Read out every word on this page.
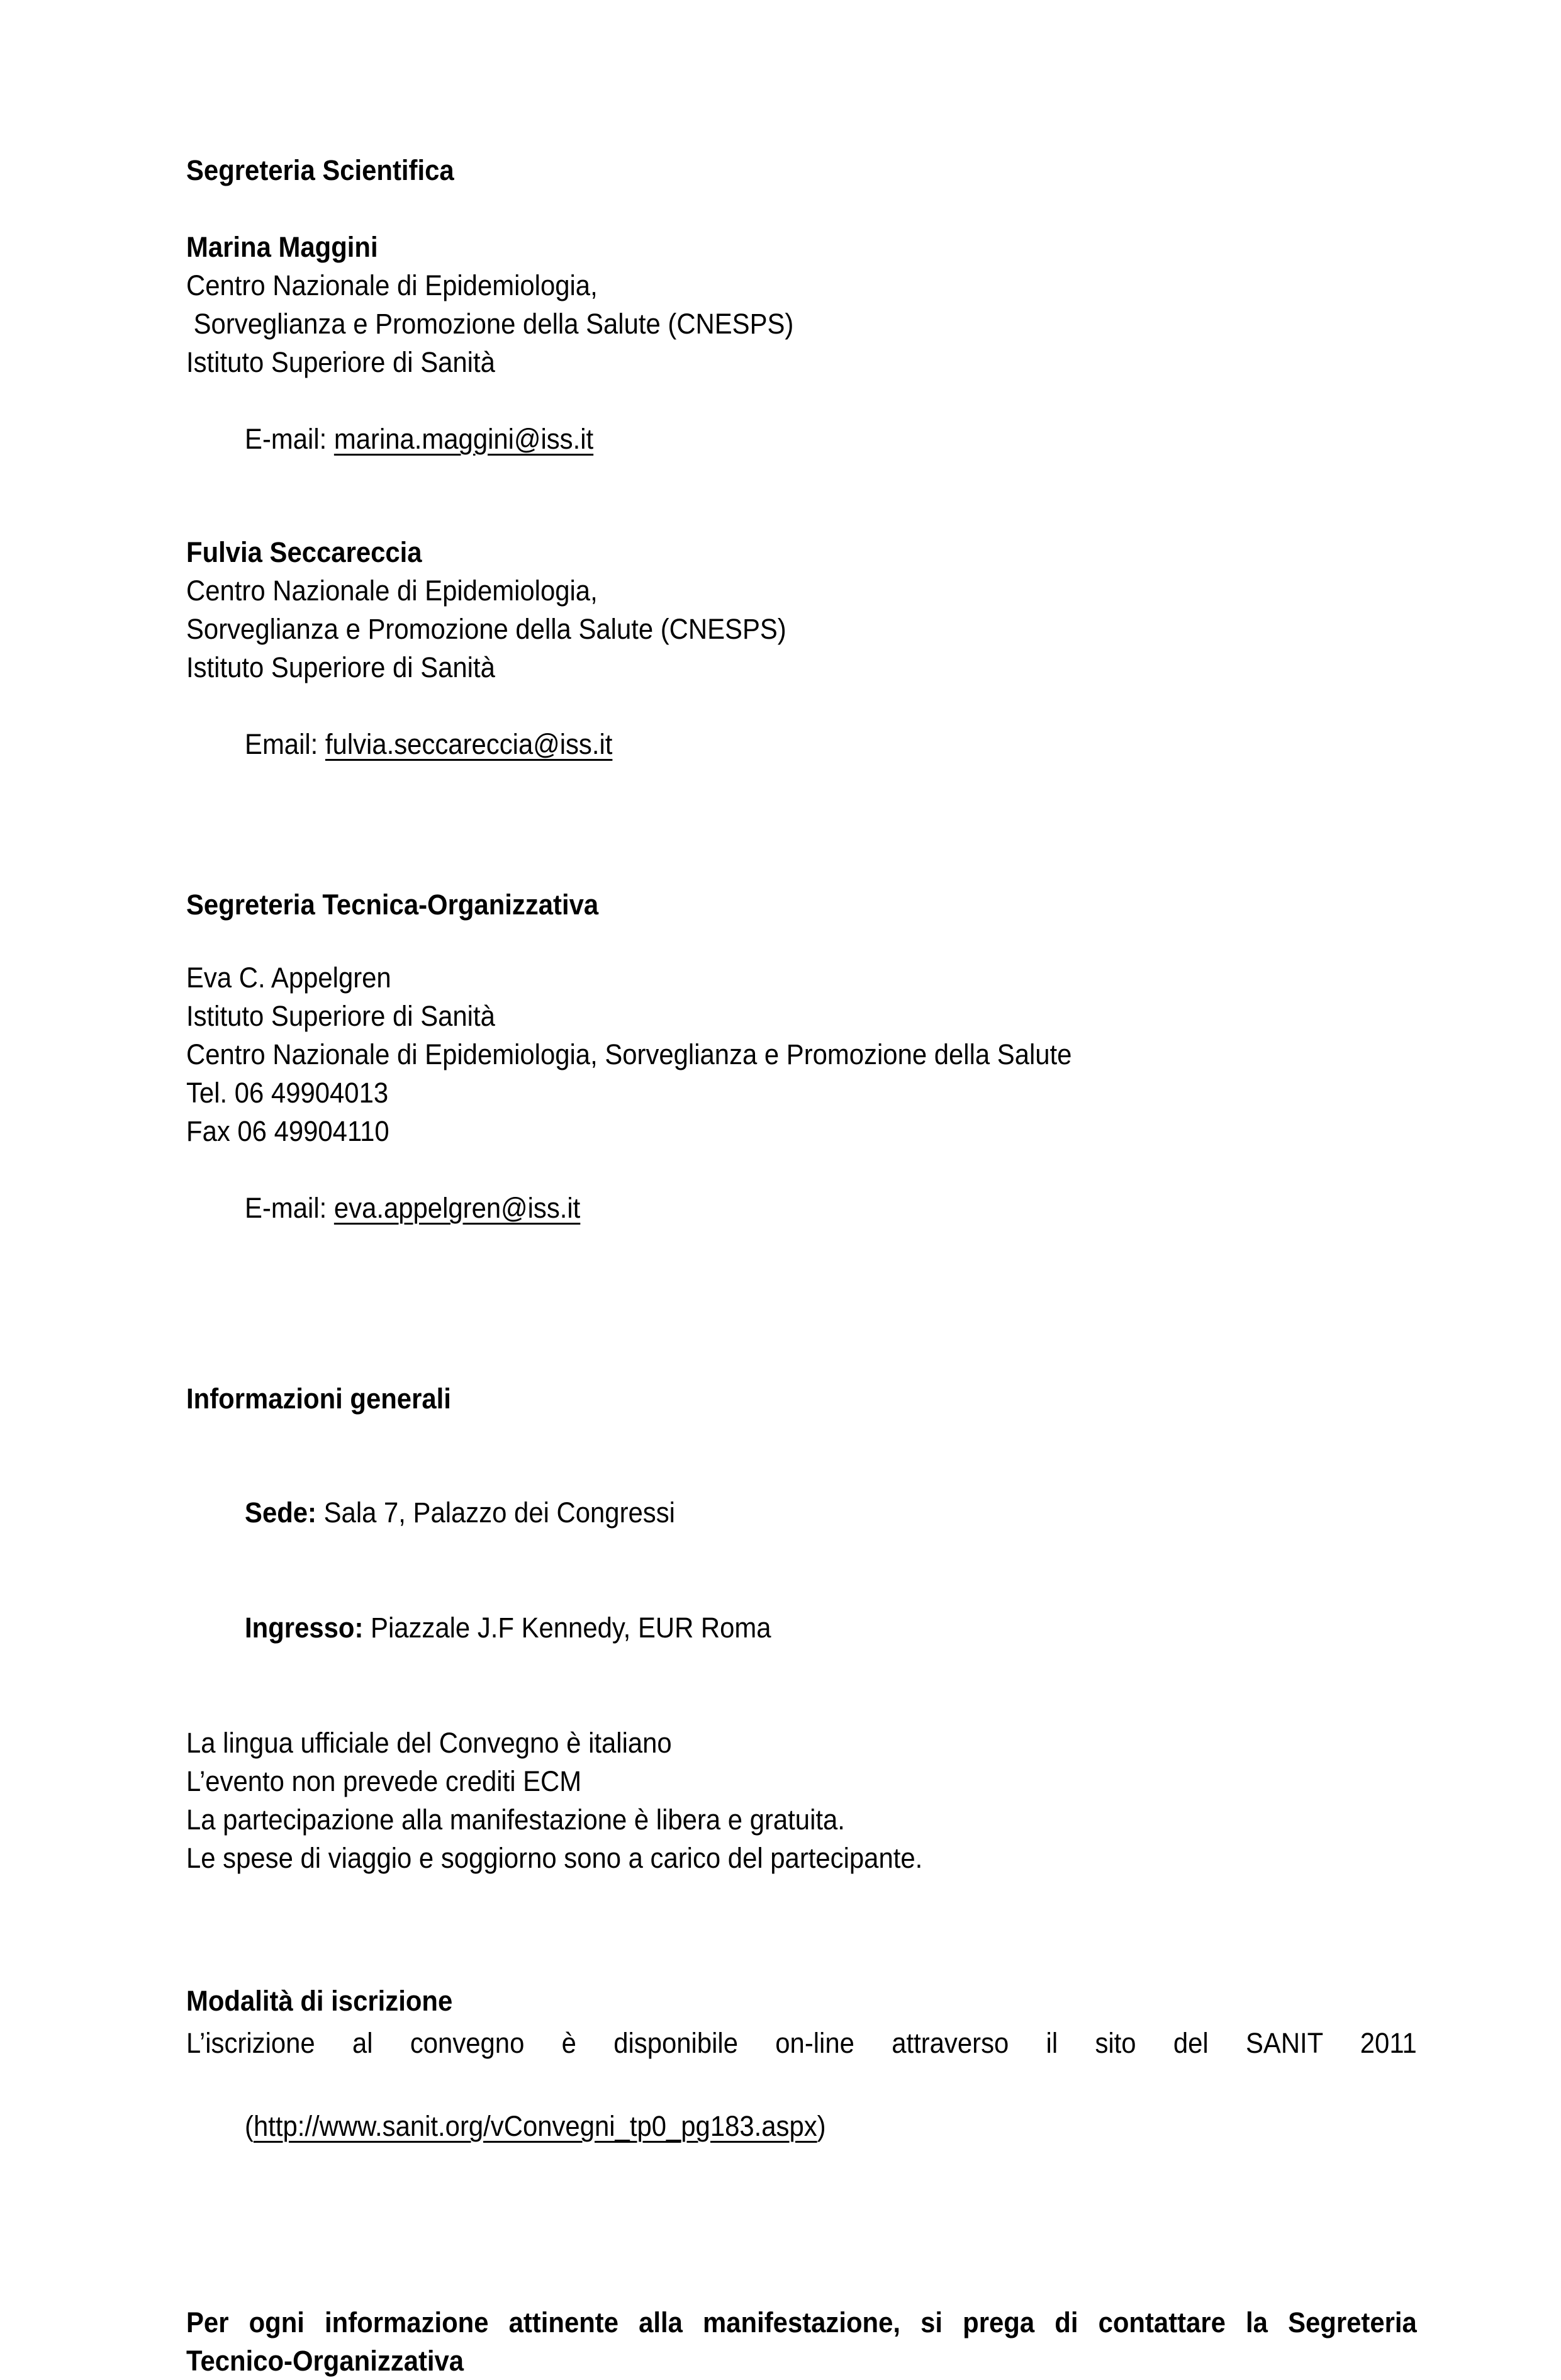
Segreteria Scientifica
Marina Maggini
Centro Nazionale di Epidemiologia,
Sorveglianza e Promozione della Salute (CNESPS)
Istituto Superiore di Sanità

E-mail: marina.maggini@iss.it

Fulvia Seccareccia
Centro Nazionale di Epidemiologia,
Sorveglianza e Promozione della Salute (CNESPS)
Istituto Superiore di Sanità

Email: fulvia.seccareccia@iss.it

Segreteria Tecnica-Organizzativa
Eva C. Appelgren
Istituto Superiore di Sanità
Centro Nazionale di Epidemiologia, Sorveglianza e Promozione della Salute
Tel. 06 49904013
Fax 06 49904110

E-mail: eva.appelgren@iss.it

Informazioni generali

Sede: Sala 7, Palazzo dei Congressi

Ingresso: Piazzale J.F Kennedy, EUR Roma

La lingua ufficiale del Convegno è italiano
L’evento non prevede crediti ECM
La partecipazione alla manifestazione è libera e gratuita.
Le spese di viaggio e soggiorno sono a carico del partecipante.
Modalità di iscrizione
L’iscrizione al convegno è disponibile on-line attraverso il sito del SANIT 2011

(http://www.sanit.org/vConvegni_tp0_pg183.aspx)

Per ogni informazione attinente alla manifestazione, si prega di contattare la Segreteria
Tecnico-Organizzativa
